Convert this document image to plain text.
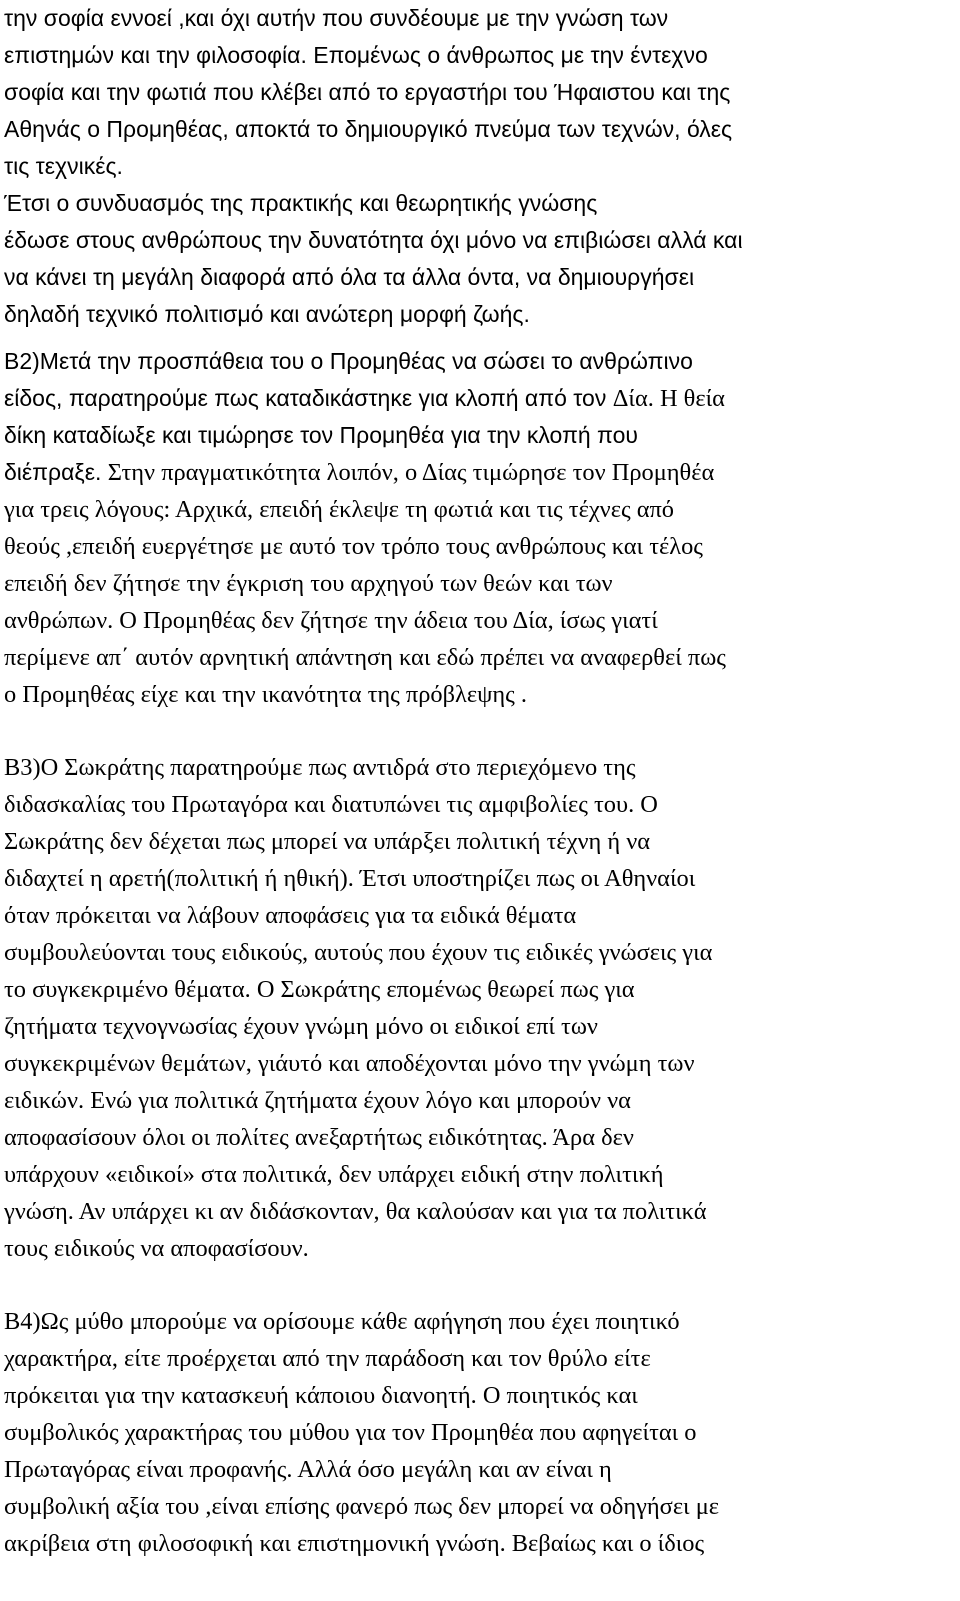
την σοφία εννοεί ,και όχι αυτήν που συνδέουμε με την γνώση των
επιστημών και την φιλοσοφία. Επομένως ο άνθρωπος με την έντεχνο
σοφία και την φωτιά που κλέβει από το εργαστήρι του Ήφαιστου και της
Αθηνάς ο Προμηθέας, αποκτά το δημιουργικό πνεύμα των τεχνών, όλες
τις τεχνικές.
Έτσι ο συνδυασμός της πρακτικής και θεωρητικής γνώσης
έδωσε στους ανθρώπους την δυνατότητα όχι μόνο να επιβιώσει αλλά και
να κάνει τη μεγάλη διαφορά από όλα τα άλλα όντα, να δημιουργήσει
δηλαδή τεχνικό πολιτισμό και ανώτερη μορφή ζωής.
Β2)Μετά την προσπάθεια του ο Προμηθέας να σώσει το ανθρώπινο
είδος, παρατηρούμε πως καταδικάστηκε για κλοπή από τον Δία. Η θεία
δίκη καταδίωξε και τιμώρησε τον Προμηθέα για την κλοπή που
διέπραξε. Στην πραγματικότητα λοιπόν, ο Δίας τιμώρησε τον Προμηθέα
για τρεις λόγους: Αρχικά, επειδή έκλεψε τη φωτιά και τις τέχνες από
θεούς ,επειδή ευεργέτησε με αυτό τον τρόπο τους ανθρώπους και τέλος
επειδή δεν ζήτησε την έγκριση του αρχηγού των θεών και των
ανθρώπων. Ο Προμηθέας δεν ζήτησε την άδεια του Δία, ίσως γιατί
περίμενε απ΄ αυτόν αρνητική απάντηση και εδώ πρέπει να αναφερθεί πως
ο Προμηθέας είχε και την ικανότητα της πρόβλεψης .
Β3)Ο Σωκράτης παρατηρούμε πως αντιδρά στο περιεχόμενο της
διδασκαλίας του Πρωταγόρα και διατυπώνει τις αμφιβολίες του. Ο
Σωκράτης δεν δέχεται πως μπορεί να υπάρξει πολιτική τέχνη ή να
διδαχτεί η αρετή(πολιτική ή ηθική). Έτσι υποστηρίζει πως οι Αθηναίοι
όταν πρόκειται να λάβουν αποφάσεις για τα ειδικά θέματα
συμβουλεύονται τους ειδικούς, αυτούς που έχουν τις ειδικές γνώσεις για
το συγκεκριμένο θέματα. Ο Σωκράτης επομένως θεωρεί πως για
ζητήματα τεχνογνωσίας έχουν γνώμη μόνο οι ειδικοί επί των
συγκεκριμένων θεμάτων, γιάυτό και αποδέχονται μόνο την γνώμη των
ειδικών. Ενώ για πολιτικά ζητήματα έχουν λόγο και μπορούν να
αποφασίσουν όλοι οι πολίτες ανεξαρτήτως ειδικότητας. Άρα δεν
υπάρχουν «ειδικοί» στα πολιτικά, δεν υπάρχει ειδική στην πολιτική
γνώση. Αν υπάρχει κι αν διδάσκονταν, θα καλούσαν και για τα πολιτικά
τους ειδικούς να αποφασίσουν.
Β4)Ως μύθο μπορούμε να ορίσουμε κάθε αφήγηση που έχει ποιητικό
χαρακτήρα, είτε προέρχεται από την παράδοση και τον θρύλο είτε
πρόκειται για την κατασκευή κάποιου διανοητή. Ο ποιητικός και
συμβολικός χαρακτήρας του μύθου για τον Προμηθέα που αφηγείται ο
Πρωταγόρας είναι προφανής. Αλλά όσο μεγάλη και αν είναι η
συμβολική αξία του ,είναι επίσης φανερό πως δεν μπορεί να οδηγήσει με
ακρίβεια στη φιλοσοφική και επιστημονική γνώση. Βεβαίως και ο ίδιος
